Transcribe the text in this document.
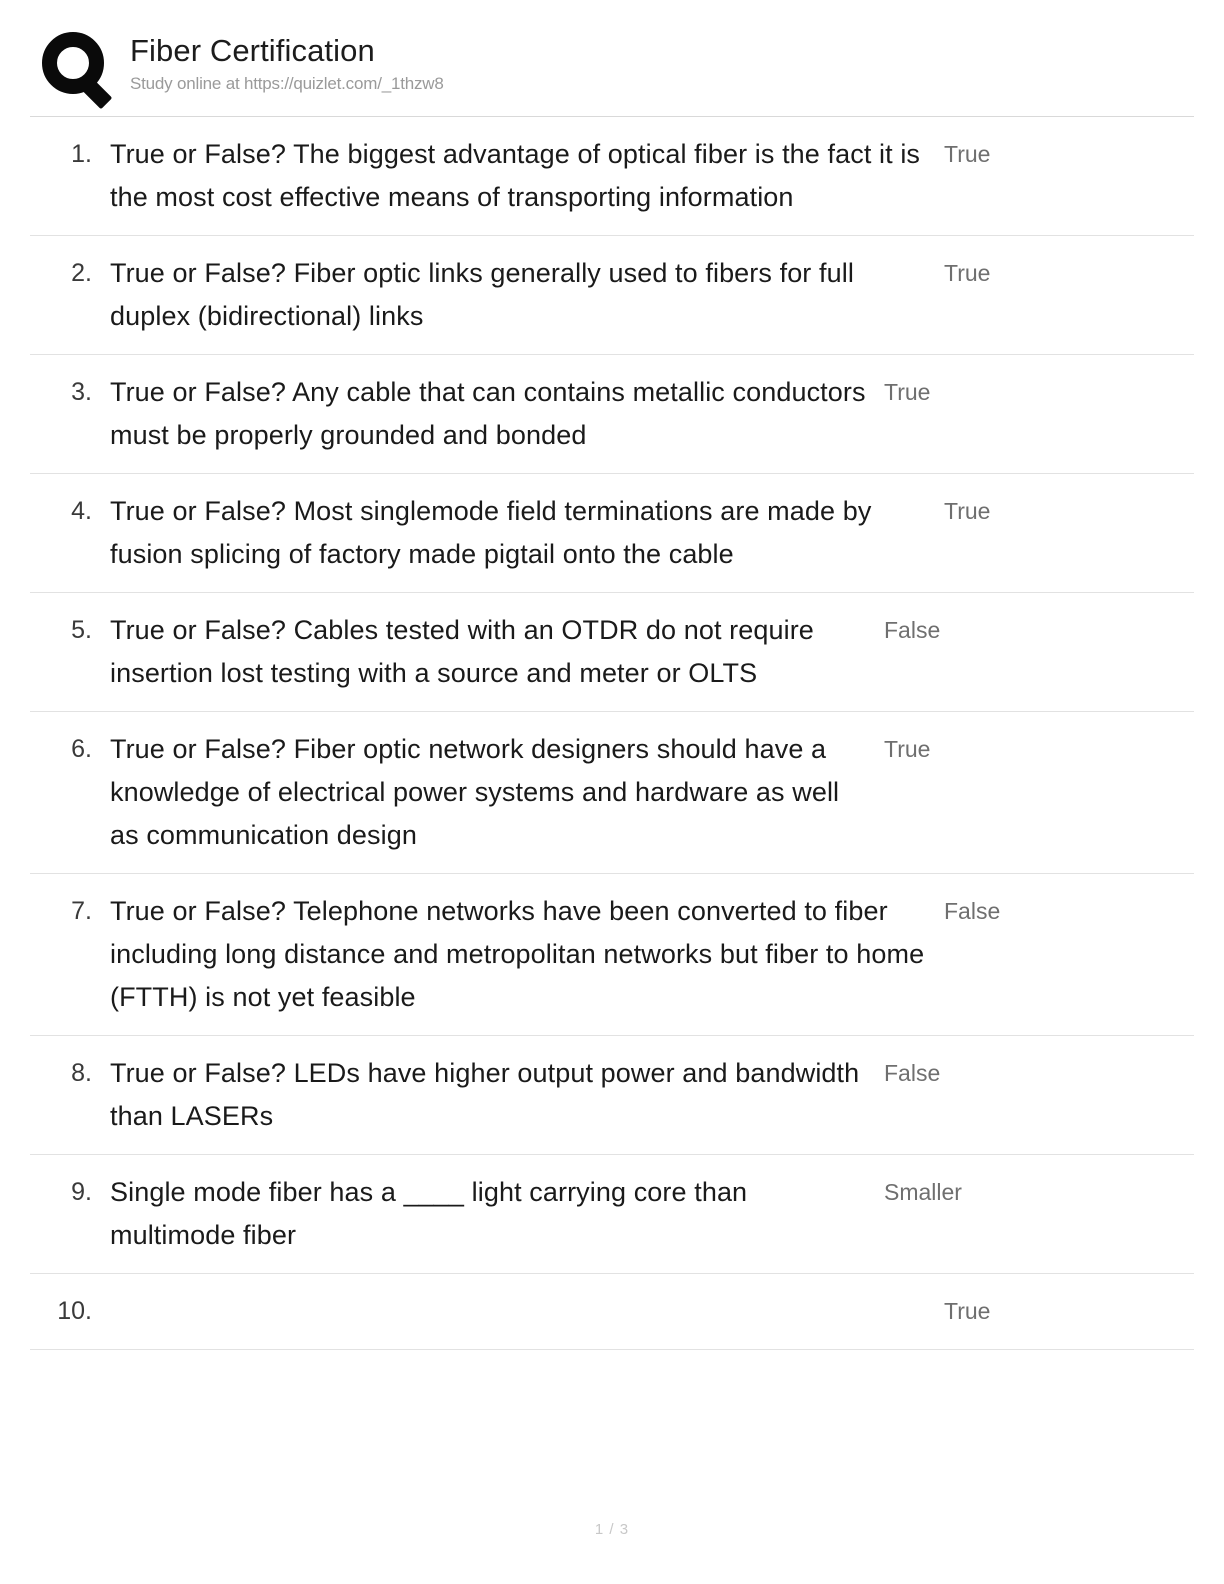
Fiber Certification
Study online at https://quizlet.com/_1thzw8
1. True or False? The biggest advantage of optical fiber is the fact it is the most cost effective means of transporting information
True
2. True or False? Fiber optic links generally used to fibers for full duplex (bidirectional) links
True
3. True or False? Any cable that can contains metallic conductors must be properly grounded and bonded
True
4. True or False? Most singlemode field terminations are made by fusion splicing of factory made pigtail onto the cable
True
5. True or False? Cables tested with an OTDR do not require insertion lost testing with a source and meter or OLTS
False
6. True or False? Fiber optic network designers should have a knowledge of electrical power systems and hardware as well as communication design
True
7. True or False? Telephone networks have been converted to fiber including long distance and metropolitan networks but fiber to home (FTTH) is not yet feasible
False
8. True or False? LEDs have higher output power and bandwidth than LASERs
False
9. Single mode fiber has a ____ light carrying core than multimode fiber
Smaller
10.	True
1 / 3
